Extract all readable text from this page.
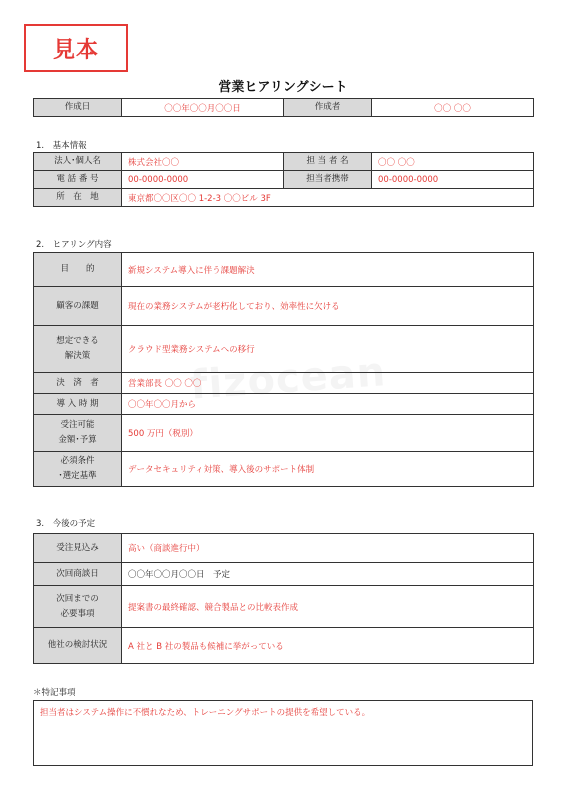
見本
営業ヒアリングシート
作成日	〇〇年〇〇月〇〇日	作成者	〇〇 〇〇
1.　基本情報
法人･個人名	株式会社〇〇	担 当 者 名	〇〇 〇〇
電 話 番 号	00-0000-0000	担当者携帯	00-0000-0000
所　在　地	東京都〇〇区〇〇 1-2-3 〇〇ビル 3F		
2.　ヒアリング内容
目　　的	新規システム導入に伴う課題解決
顧客の課題	現在の業務システムが老朽化しており、効率性に欠ける
想定できる
解決策	クラウド型業務システムへの移行
決　済　者	営業部長 〇〇 〇〇
導 入 時 期	〇〇年〇〇月から
受注可能
金額･予算	500 万円（税別）
必須条件
･選定基準	データセキュリティ対策、導入後のサポート体制
3.　今後の予定
受注見込み	高い（商談進行中）
次回商談日	〇〇年〇〇月〇〇日　予定
次回までの
必要事項	提案書の最終確認、競合製品との比較表作成
他社の検討状況	A 社と B 社の製品も候補に挙がっている
＊特記事項
担当者はシステム操作に不慣れなため、トレーニングサポートの提供を希望している。
